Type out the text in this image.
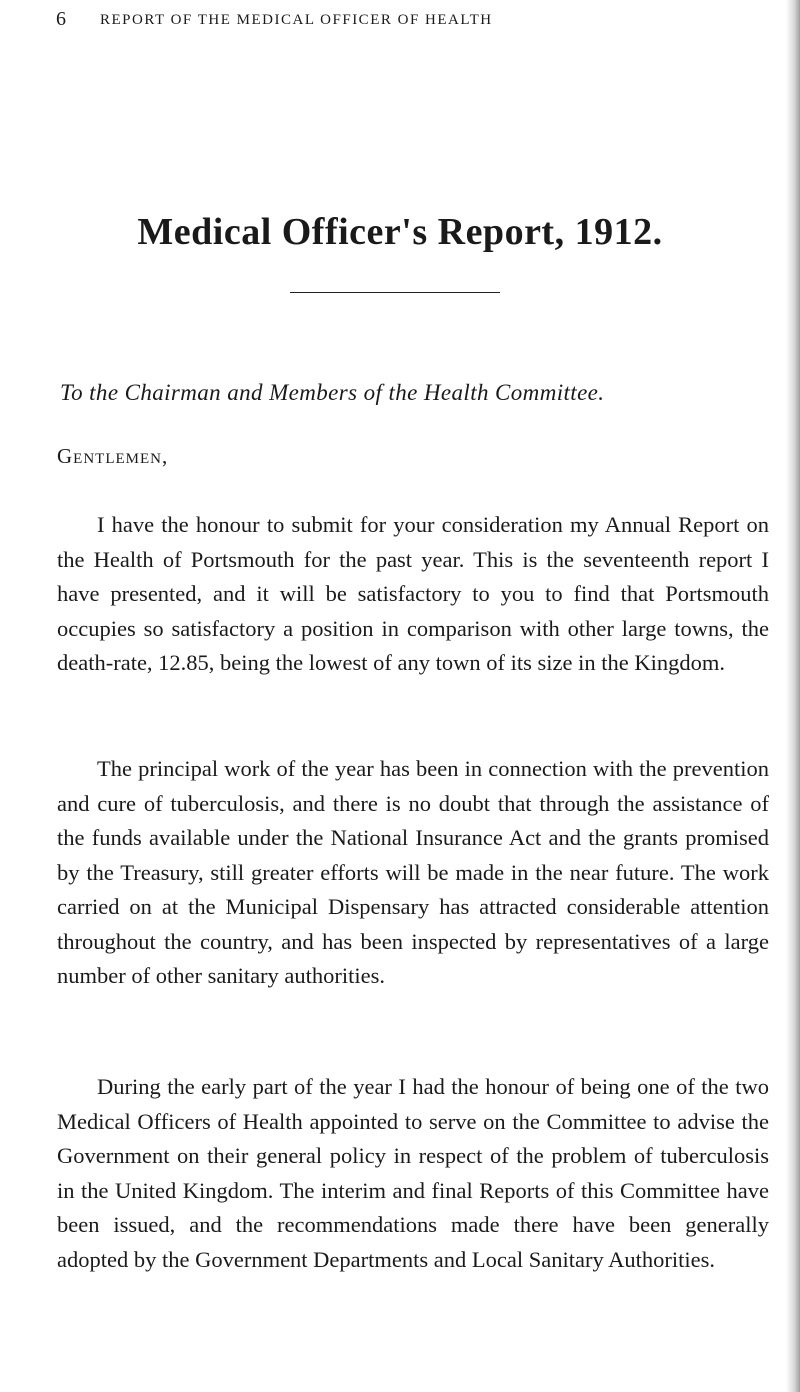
6 REPORT OF THE MEDICAL OFFICER OF HEALTH
Medical Officer's Report, 1912.
To the Chairman and Members of the Health Committee.
Gentlemen,

I have the honour to submit for your consideration my Annual Report on the Health of Portsmouth for the past year. This is the seventeenth report I have presented, and it will be satisfactory to you to find that Portsmouth occupies so satisfactory a position in comparison with other large towns, the death-rate, 12.85, being the lowest of any town of its size in the Kingdom.

The principal work of the year has been in connection with the prevention and cure of tuberculosis, and there is no doubt that through the assistance of the funds available under the National Insurance Act and the grants promised by the Treasury, still greater efforts will be made in the near future. The work carried on at the Municipal Dispensary has attracted considerable attention throughout the country, and has been inspected by representatives of a large number of other sanitary authorities.

During the early part of the year I had the honour of being one of the two Medical Officers of Health appointed to serve on the Committee to advise the Government on their general policy in respect of the problem of tuberculosis in the United Kingdom. The interim and final Reports of this Committee have been issued, and the recommendations made there have been generally adopted by the Government Departments and Local Sanitary Authorities.
